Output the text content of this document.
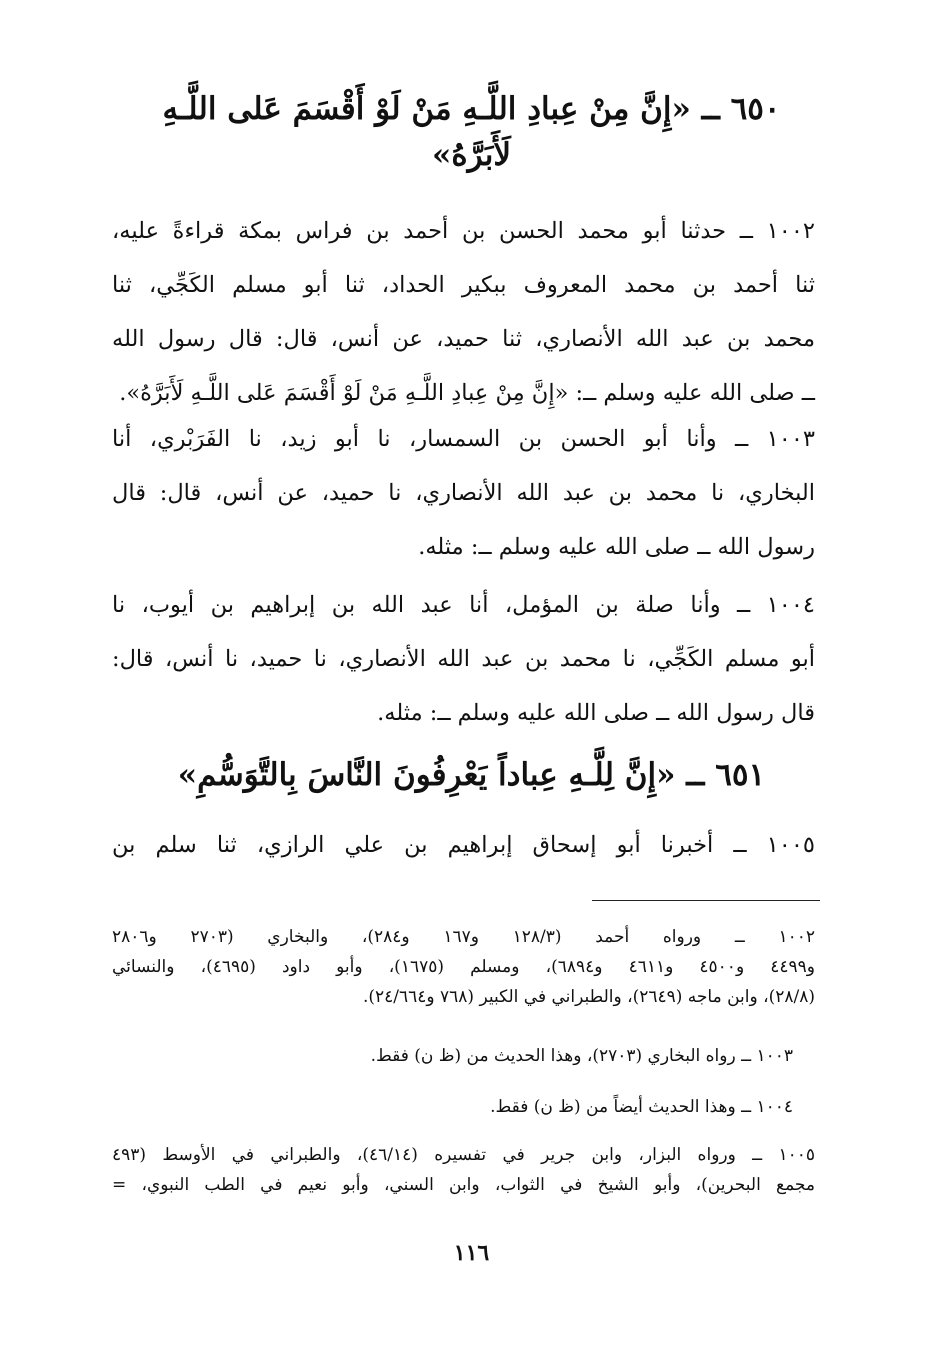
٦٥٠ ــ «إِنَّ مِنْ عِبادِ اللَّـهِ مَنْ لَوْ أَقْسَمَ عَلى اللَّـهِ
لَأَبَرَّهُ»
١٠٠٢ ــ حدثنا أبو محمد الحسن بن أحمد بن فراس بمكة قراءةً عليه،
ثنا أحمد بن محمد المعروف ببكير الحداد، ثنا أبو مسلم الكَجِّي، ثنا
محمد بن عبد الله الأنصاري، ثنا حميد، عن أنس، قال: قال رسول الله
ــ صلى الله عليه وسلم ــ: «إِنَّ مِنْ عِبادِ اللَّـهِ مَنْ لَوْ أَقْسَمَ عَلى اللَّـهِ لَأَبَرَّهُ».
١٠٠٣ ــ وأنا أبو الحسن بن السمسار، نا أبو زيد، نا الفَرَبْري، أنا
البخاري، نا محمد بن عبد الله الأنصاري، نا حميد، عن أنس، قال: قال
رسول الله ــ صلى الله عليه وسلم ــ: مثله.
١٠٠٤ ــ وأنا صلة بن المؤمل، أنا عبد الله بن إبراهيم بن أيوب، نا
أبو مسلم الكَجِّي، نا محمد بن عبد الله الأنصاري، نا حميد، نا أنس، قال:
قال رسول الله ــ صلى الله عليه وسلم ــ: مثله.
٦٥١ ــ «إِنَّ لِلَّـهِ عِباداً يَعْرِفُونَ النَّاسَ بِالتَّوَسُّمِ»
١٠٠٥ ــ أخبرنا أبو إسحاق إبراهيم بن علي الرازي، ثنا سلم بن
١٠٠٢ ــ ورواه أحمد (١٢٨/٣ و١٦٧ و٢٨٤)، والبخاري (٢٧٠٣ و٢٨٠٦
و٤٤٩٩ و٤٥٠٠ و٤٦١١ و٦٨٩٤)، ومسلم (١٦٧٥)، وأبو داود (٤٦٩٥)، والنسائي
(٢٨/٨)، وابن ماجه (٢٦٤٩)، والطبراني في الكبير (٧٦٨ و٢٤/٦٦٤).
١٠٠٣ ــ رواه البخاري (٢٧٠٣)، وهذا الحديث من (ظ ن) فقط.
١٠٠٤ ــ وهذا الحديث أيضاً من (ظ ن) فقط.
١٠٠٥ ــ ورواه البزار، وابن جرير في تفسيره (٤٦/١٤)، والطبراني في الأوسط (٤٩٣
مجمع البحرين)، وأبو الشيخ في الثواب، وابن السني، وأبو نعيم في الطب النبوي، =
١١٦
